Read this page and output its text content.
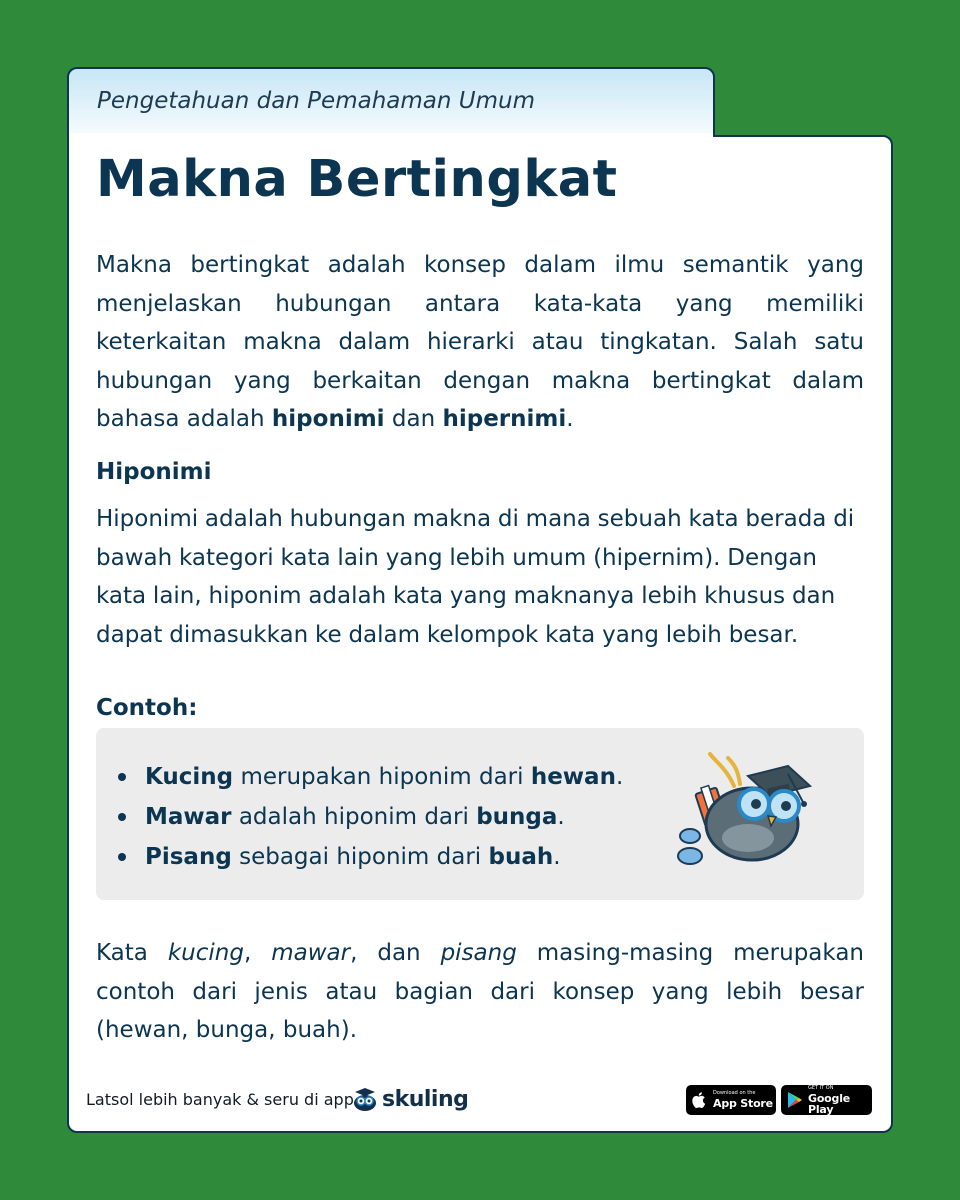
Pengetahuan dan Pemahaman Umum
Makna Bertingkat

Makna bertingkat adalah konsep dalam ilmu semantik yang menjelaskan hubungan antara kata-kata yang memiliki keterkaitan makna dalam hierarki atau tingkatan. Salah satu hubungan yang berkaitan dengan makna bertingkat dalam bahasa adalah hiponimi dan hipernimi.

Hiponimi

Hiponimi adalah hubungan makna di mana sebuah kata berada di bawah kategori kata lain yang lebih umum (hipernim). Dengan kata lain, hiponim adalah kata yang maknanya lebih khusus dan dapat dimasukkan ke dalam kelompok kata yang lebih besar.

Contoh:
Kucing merupakan hiponim dari hewan.
Mawar adalah hiponim dari bunga.
Pisang sebagai hiponim dari buah.

Kata kucing, mawar, dan pisang masing-masing merupakan contoh dari jenis atau bagian dari konsep yang lebih besar (hewan, bunga, buah).

Latsol lebih banyak & seru di app skuling	Download on the
App Store
GET IT ON
Google Play
